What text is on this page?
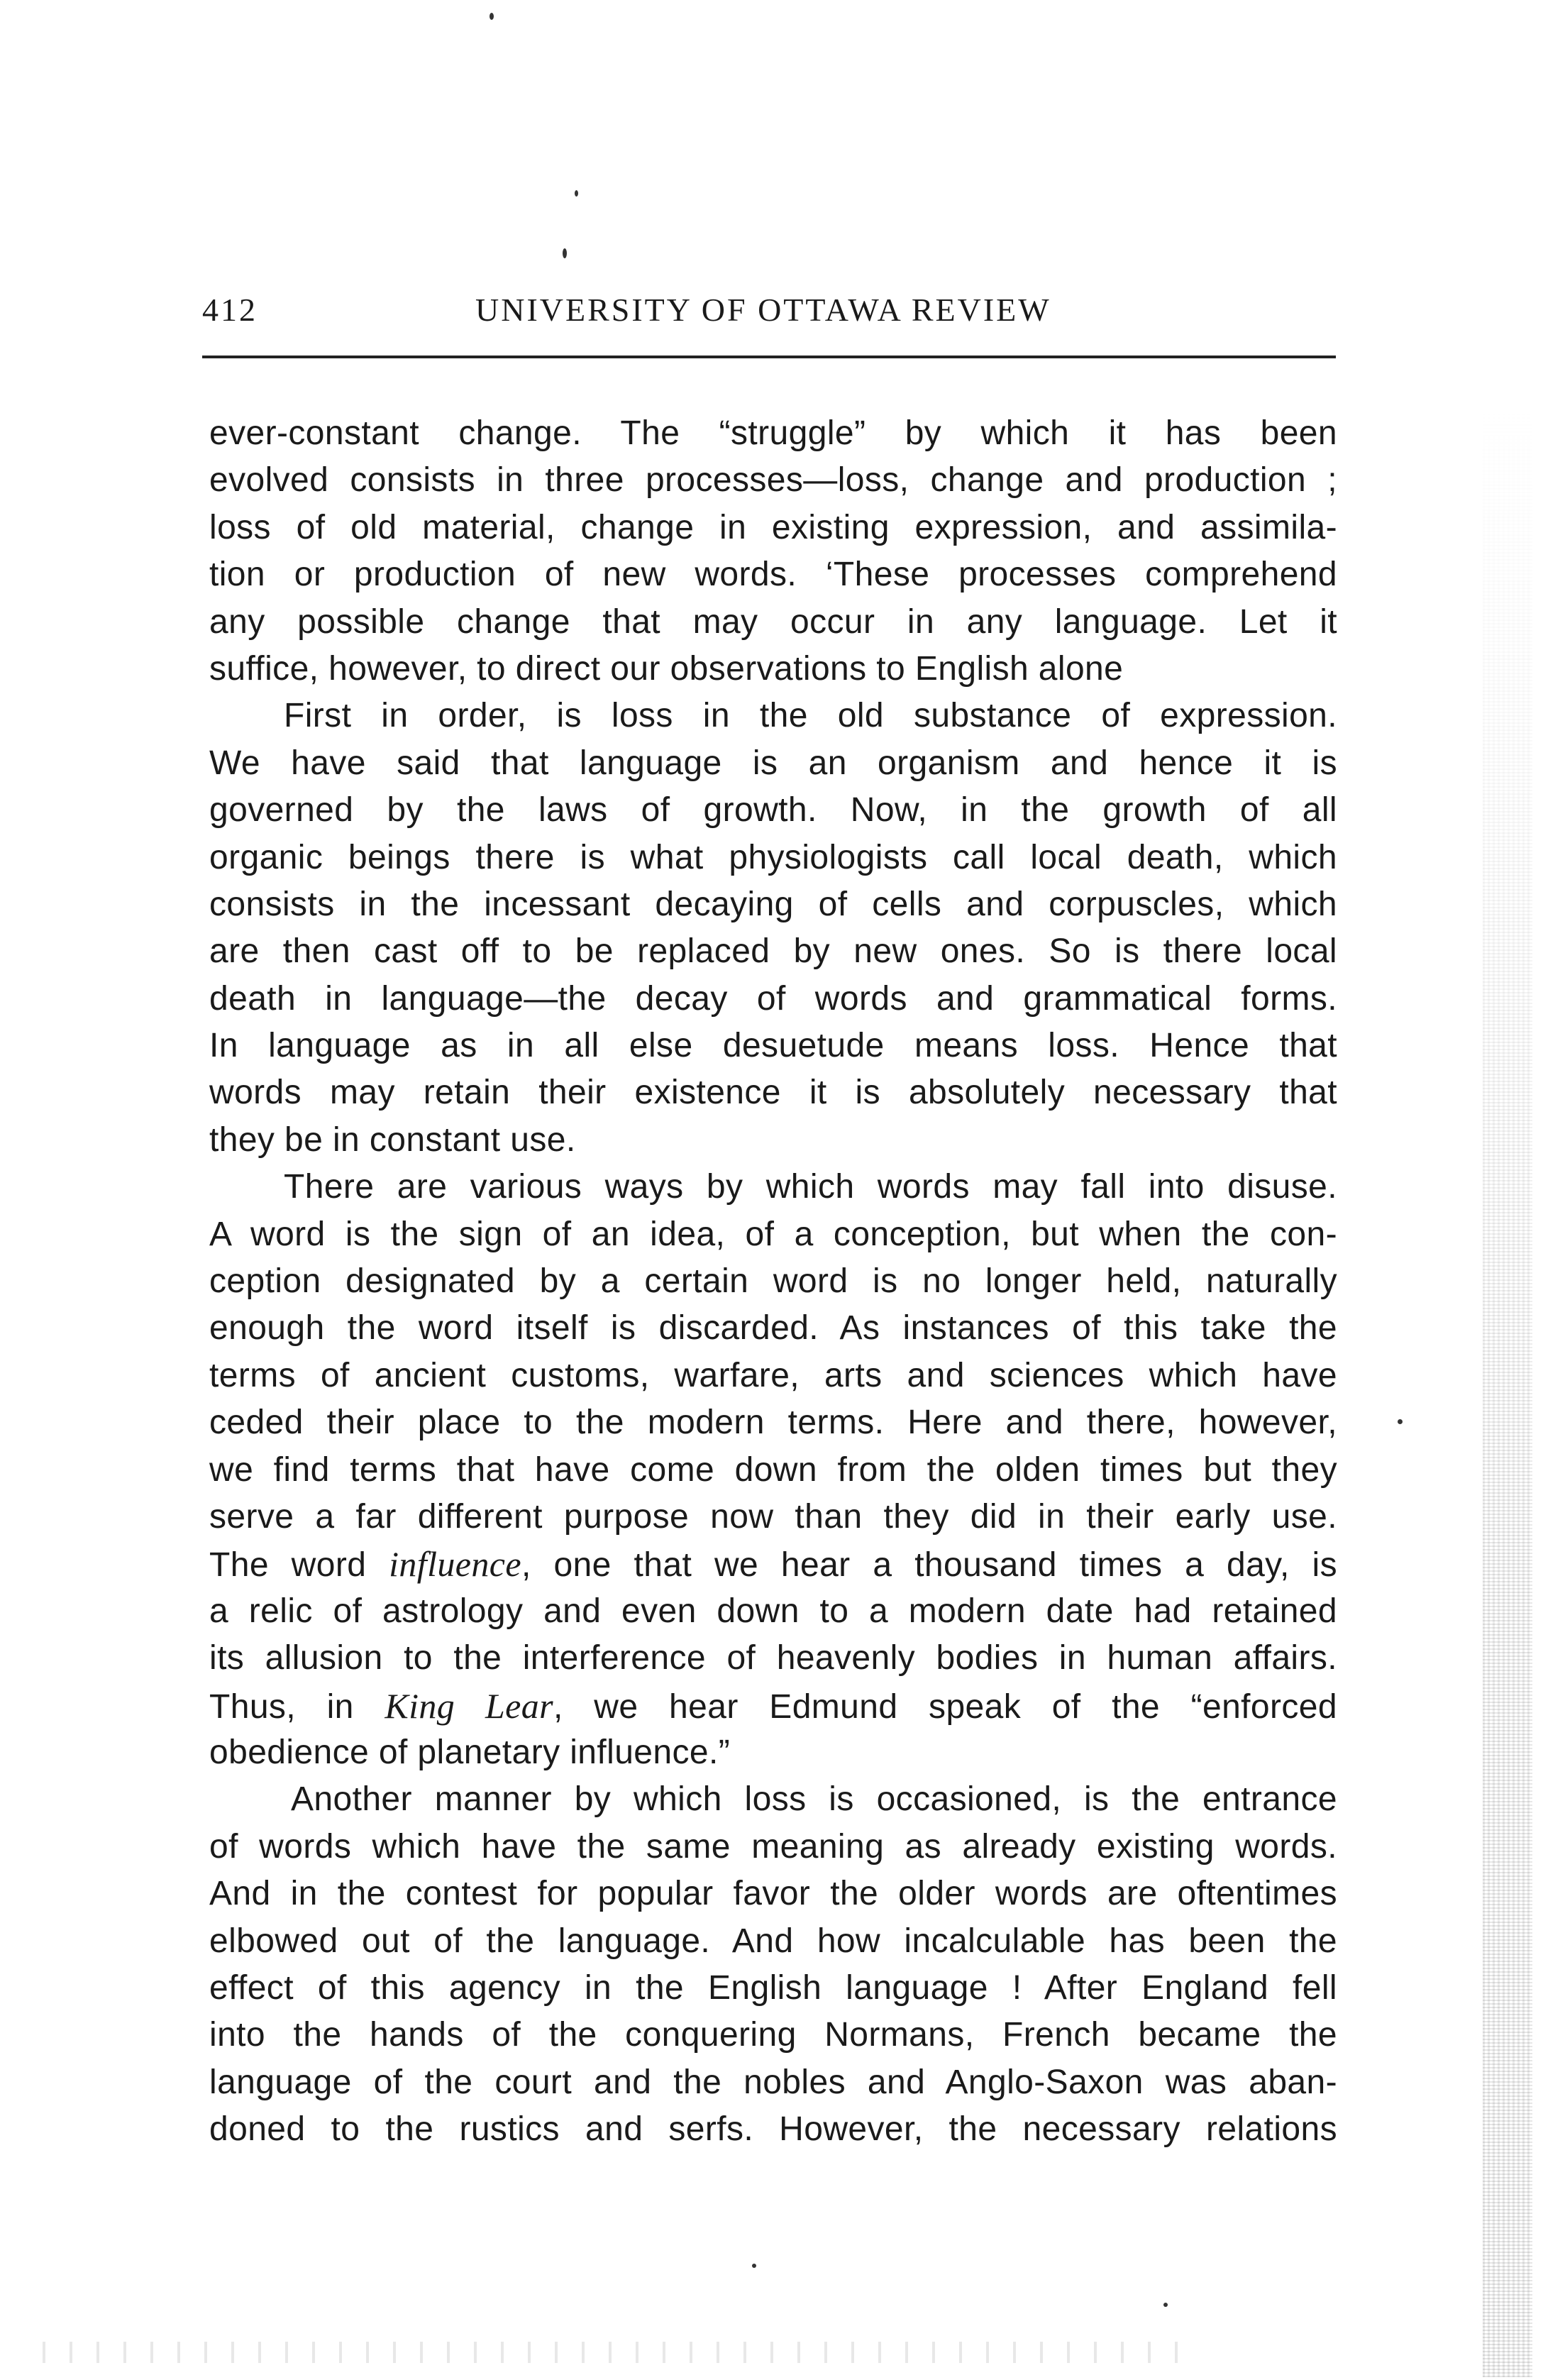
412	UNIVERSITY OF OTTAWA REVIEW
ever-constant change. The “struggle” by which it has been
evolved consists in three processes—loss, change and production ;
loss of old material, change in existing expression, and assimila-
tion or production of new words. ‘These processes comprehend
any possible change that may occur in any language. Let it
suffice, however, to direct our observations to English alone
First in order, is loss in the old substance of expression.
We have said that language is an organism and hence it is
governed by the laws of growth. Now, in the growth of all
organic beings there is what physiologists call local death, which
consists in the incessant decaying of cells and corpuscles, which
are then cast off to be replaced by new ones. So is there local
death in language—the decay of words and grammatical forms.
In language as in all else desuetude means loss. Hence that
words may retain their existence it is absolutely necessary that
they be in constant use.
There are various ways by which words may fall into disuse.
A word is the sign of an idea, of a conception, but when the con-
ception designated by a certain word is no longer held, naturally
enough the word itself is discarded. As instances of this take the
terms of ancient customs, warfare, arts and sciences which have
ceded their place to the modern terms. Here and there, however,
we find terms that have come down from the olden times but they
serve a far different purpose now than they did in their early use.
The word influence, one that we hear a thousand times a day, is
a relic of astrology and even down to a modern date had retained
its allusion to the interference of heavenly bodies in human affairs.
Thus, in King Lear, we hear Edmund speak of the “enforced
obedience of planetary influence.”
Another manner by which loss is occasioned, is the entrance
of words which have the same meaning as already existing words.
And in the contest for popular favor the older words are oftentimes
elbowed out of the language. And how incalculable has been the
effect of this agency in the English language ! After England fell
into the hands of the conquering Normans, French became the
language of the court and the nobles and Anglo-Saxon was aban-
doned to the rustics and serfs. However, the necessary relations
